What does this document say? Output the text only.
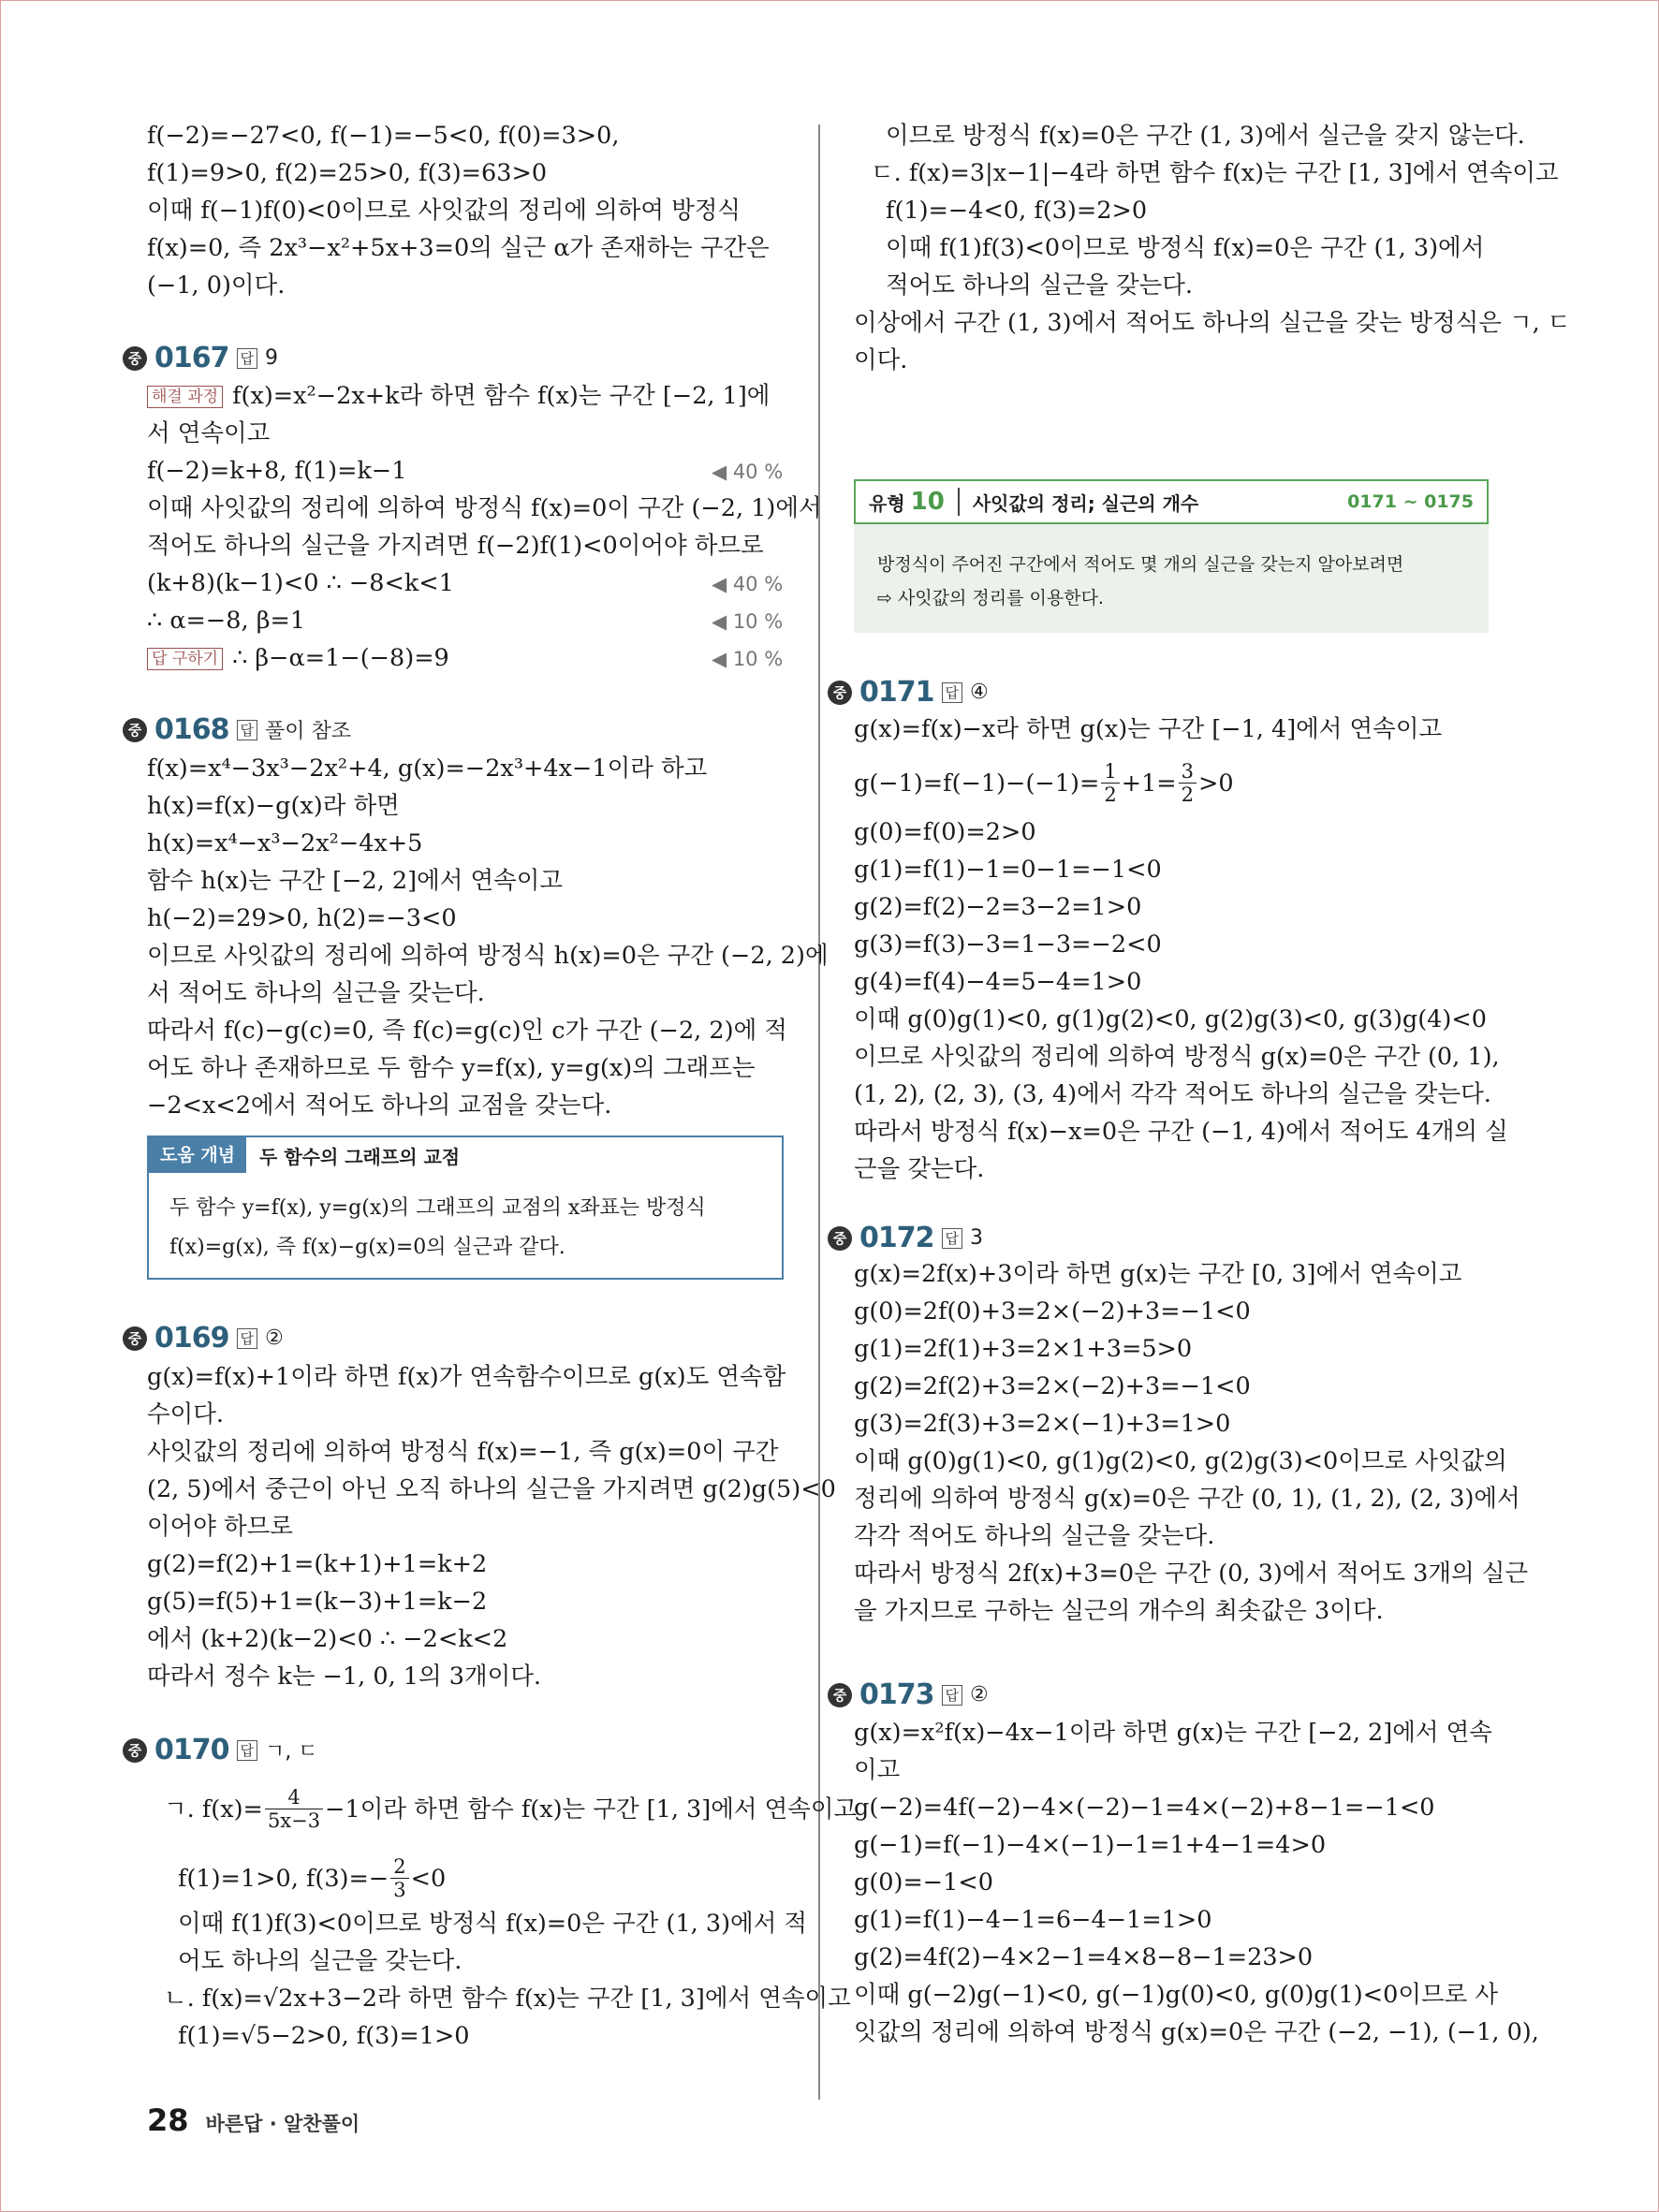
f(−2)=−27<0, f(−1)=−5<0, f(0)=3>0,
f(1)=9>0, f(2)=25>0, f(3)=63>0
이때 f(−1)f(0)<0이므로 사잇값의 정리에 의하여 방정식
f(x)=0, 즉 2x³−x²+5x+3=0의 실근 α가 존재하는 구간은
(−1, 0)이다.
중 0167 답 9
해결 과정 f(x)=x²−2x+k라 하면 함수 f(x)는 구간 [−2, 1]에
서 연속이고
f(−2)=k+8, f(1)=k−1	◀ 40 %
이때 사잇값의 정리에 의하여 방정식 f(x)=0이 구간 (−2, 1)에서
적어도 하나의 실근을 가지려면 f(−2)f(1)<0이어야 하므로
(k+8)(k−1)<0 ∴ −8<k<1	◀ 40 %
∴ α=−8, β=1	◀ 10 %
답 구하기 ∴ β−α=1−(−8)=9	◀ 10 %
중 0168 답 풀이 참조
f(x)=x⁴−3x³−2x²+4, g(x)=−2x³+4x−1이라 하고
h(x)=f(x)−g(x)라 하면
h(x)=x⁴−x³−2x²−4x+5
함수 h(x)는 구간 [−2, 2]에서 연속이고
h(−2)=29>0, h(2)=−3<0
이므로 사잇값의 정리에 의하여 방정식 h(x)=0은 구간 (−2, 2)에
서 적어도 하나의 실근을 갖는다.
따라서 f(c)−g(c)=0, 즉 f(c)=g(c)인 c가 구간 (−2, 2)에 적
어도 하나 존재하므로 두 함수 y=f(x), y=g(x)의 그래프는
−2<x<2에서 적어도 하나의 교점을 갖는다.
도움 개념	두 함수의 그래프의 교점
두 함수 y=f(x), y=g(x)의 그래프의 교점의 x좌표는 방정식
f(x)=g(x), 즉 f(x)−g(x)=0의 실근과 같다.
중 0169 답 ②
g(x)=f(x)+1이라 하면 f(x)가 연속함수이므로 g(x)도 연속함
수이다.
사잇값의 정리에 의하여 방정식 f(x)=−1, 즉 g(x)=0이 구간
(2, 5)에서 중근이 아닌 오직 하나의 실근을 가지려면 g(2)g(5)<0
이어야 하므로
g(2)=f(2)+1=(k+1)+1=k+2
g(5)=f(5)+1=(k−3)+1=k−2
에서 (k+2)(k−2)<0 ∴ −2<k<2
따라서 정수 k는 −1, 0, 1의 3개이다.
중 0170 답 ㄱ, ㄷ
ㄱ. $f(x)= \frac{4}{5x-3} -1$이라 하면 함수 f(x)는 구간 [1, 3]에서 연속이고
f(1)=1>0, $f(3)=- \frac{2}{3} <0$
이때 f(1)f(3)<0이므로 방정식 f(x)=0은 구간 (1, 3)에서 적
어도 하나의 실근을 갖는다.
ㄴ. f(x)=√2x+3−2라 하면 함수 f(x)는 구간 [1, 3]에서 연속이고
f(1)=√5−2>0, f(3)=1>0
이므로 방정식 f(x)=0은 구간 (1, 3)에서 실근을 갖지 않는다.
ㄷ. f(x)=3|x−1|−4라 하면 함수 f(x)는 구간 [1, 3]에서 연속이고
f(1)=−4<0, f(3)=2>0
이때 f(1)f(3)<0이므로 방정식 f(x)=0은 구간 (1, 3)에서
적어도 하나의 실근을 갖는다.
이상에서 구간 (1, 3)에서 적어도 하나의 실근을 갖는 방정식은 ㄱ, ㄷ
이다.
유형 10 사잇값의 정리; 실근의 개수	0171 ~ 0175
방정식이 주어진 구간에서 적어도 몇 개의 실근을 갖는지 알아보려면
⇨ 사잇값의 정리를 이용한다.
중 0171 답 ④
g(x)=f(x)−x라 하면 g(x)는 구간 [−1, 4]에서 연속이고
$g(-1)=f(-1)-(-1)= \frac{1}{2} +1= \frac{3}{2} >0$
g(0)=f(0)=2>0
g(1)=f(1)−1=0−1=−1<0
g(2)=f(2)−2=3−2=1>0
g(3)=f(3)−3=1−3=−2<0
g(4)=f(4)−4=5−4=1>0
이때 g(0)g(1)<0, g(1)g(2)<0, g(2)g(3)<0, g(3)g(4)<0
이므로 사잇값의 정리에 의하여 방정식 g(x)=0은 구간 (0, 1),
(1, 2), (2, 3), (3, 4)에서 각각 적어도 하나의 실근을 갖는다.
따라서 방정식 f(x)−x=0은 구간 (−1, 4)에서 적어도 4개의 실
근을 갖는다.
중 0172 답 3
g(x)=2f(x)+3이라 하면 g(x)는 구간 [0, 3]에서 연속이고
g(0)=2f(0)+3=2×(−2)+3=−1<0
g(1)=2f(1)+3=2×1+3=5>0
g(2)=2f(2)+3=2×(−2)+3=−1<0
g(3)=2f(3)+3=2×(−1)+3=1>0
이때 g(0)g(1)<0, g(1)g(2)<0, g(2)g(3)<0이므로 사잇값의
정리에 의하여 방정식 g(x)=0은 구간 (0, 1), (1, 2), (2, 3)에서
각각 적어도 하나의 실근을 갖는다.
따라서 방정식 2f(x)+3=0은 구간 (0, 3)에서 적어도 3개의 실근
을 가지므로 구하는 실근의 개수의 최솟값은 3이다.
중 0173 답 ②
g(x)=x²f(x)−4x−1이라 하면 g(x)는 구간 [−2, 2]에서 연속
이고
g(−2)=4f(−2)−4×(−2)−1=4×(−2)+8−1=−1<0
g(−1)=f(−1)−4×(−1)−1=1+4−1=4>0
g(0)=−1<0
g(1)=f(1)−4−1=6−4−1=1>0
g(2)=4f(2)−4×2−1=4×8−8−1=23>0
이때 g(−2)g(−1)<0, g(−1)g(0)<0, g(0)g(1)<0이므로 사
잇값의 정리에 의하여 방정식 g(x)=0은 구간 (−2, −1), (−1, 0),
28 바른답 · 알찬풀이
